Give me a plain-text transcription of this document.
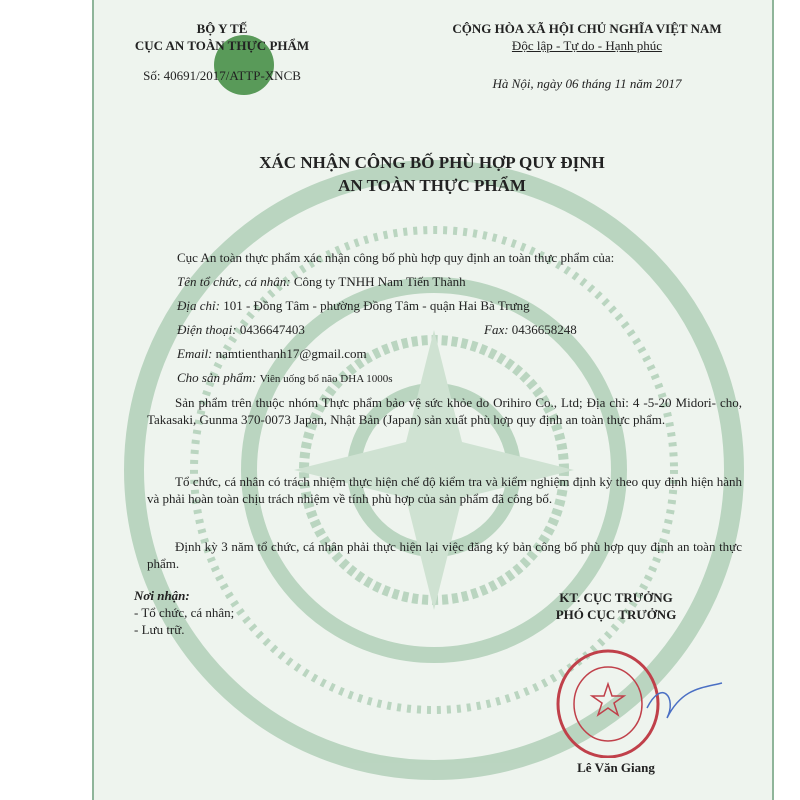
BỘ Y TẾ
CỤC AN TOÀN THỰC PHẨM
Số: 40691/2017/ATTP-XNCB
CỘNG HÒA XÃ HỘI CHỦ NGHĨA VIỆT NAM
Độc lập - Tự do - Hạnh phúc
Hà Nội, ngày 06 tháng 11 năm 2017
XÁC NHẬN CÔNG BỐ PHÙ HỢP QUY ĐỊNH
AN TOÀN THỰC PHẨM
Cục An toàn thực phẩm xác nhận công bố phù hợp quy định an toàn thực phẩm của:
Tên tổ chức, cá nhân: Công ty TNHH Nam Tiến Thành
Địa chỉ: 101 - Đồng Tâm - phường Đồng Tâm - quận Hai Bà Trưng
Điện thoại: 0436647403	Fax: 0436658248
Email: namtienthanh17@gmail.com
Cho sản phẩm: Viên uống bổ não DHA 1000s
Sản phẩm trên thuộc nhóm Thực phẩm bảo vệ sức khỏe do Orihiro Co., Ltd; Địa chỉ: 4 -5-20 Midori- cho, Takasaki, Gunma 370-0073 Japan, Nhật Bản (Japan) sản xuất phù hợp quy định an toàn thực phẩm.
Tổ chức, cá nhân có trách nhiệm thực hiện chế độ kiểm tra và kiểm nghiệm định kỳ theo quy định hiện hành và phải hoàn toàn chịu trách nhiệm về tính phù hợp của sản phẩm đã công bố.
Định kỳ 3 năm tổ chức, cá nhân phải thực hiện lại việc đăng ký bản công bố phù hợp quy định an toàn thực phẩm.
Nơi nhận:
- Tổ chức, cá nhân;
- Lưu trữ.
KT. CỤC TRƯỞNG
PHÓ CỤC TRƯỞNG
Lê Văn Giang
